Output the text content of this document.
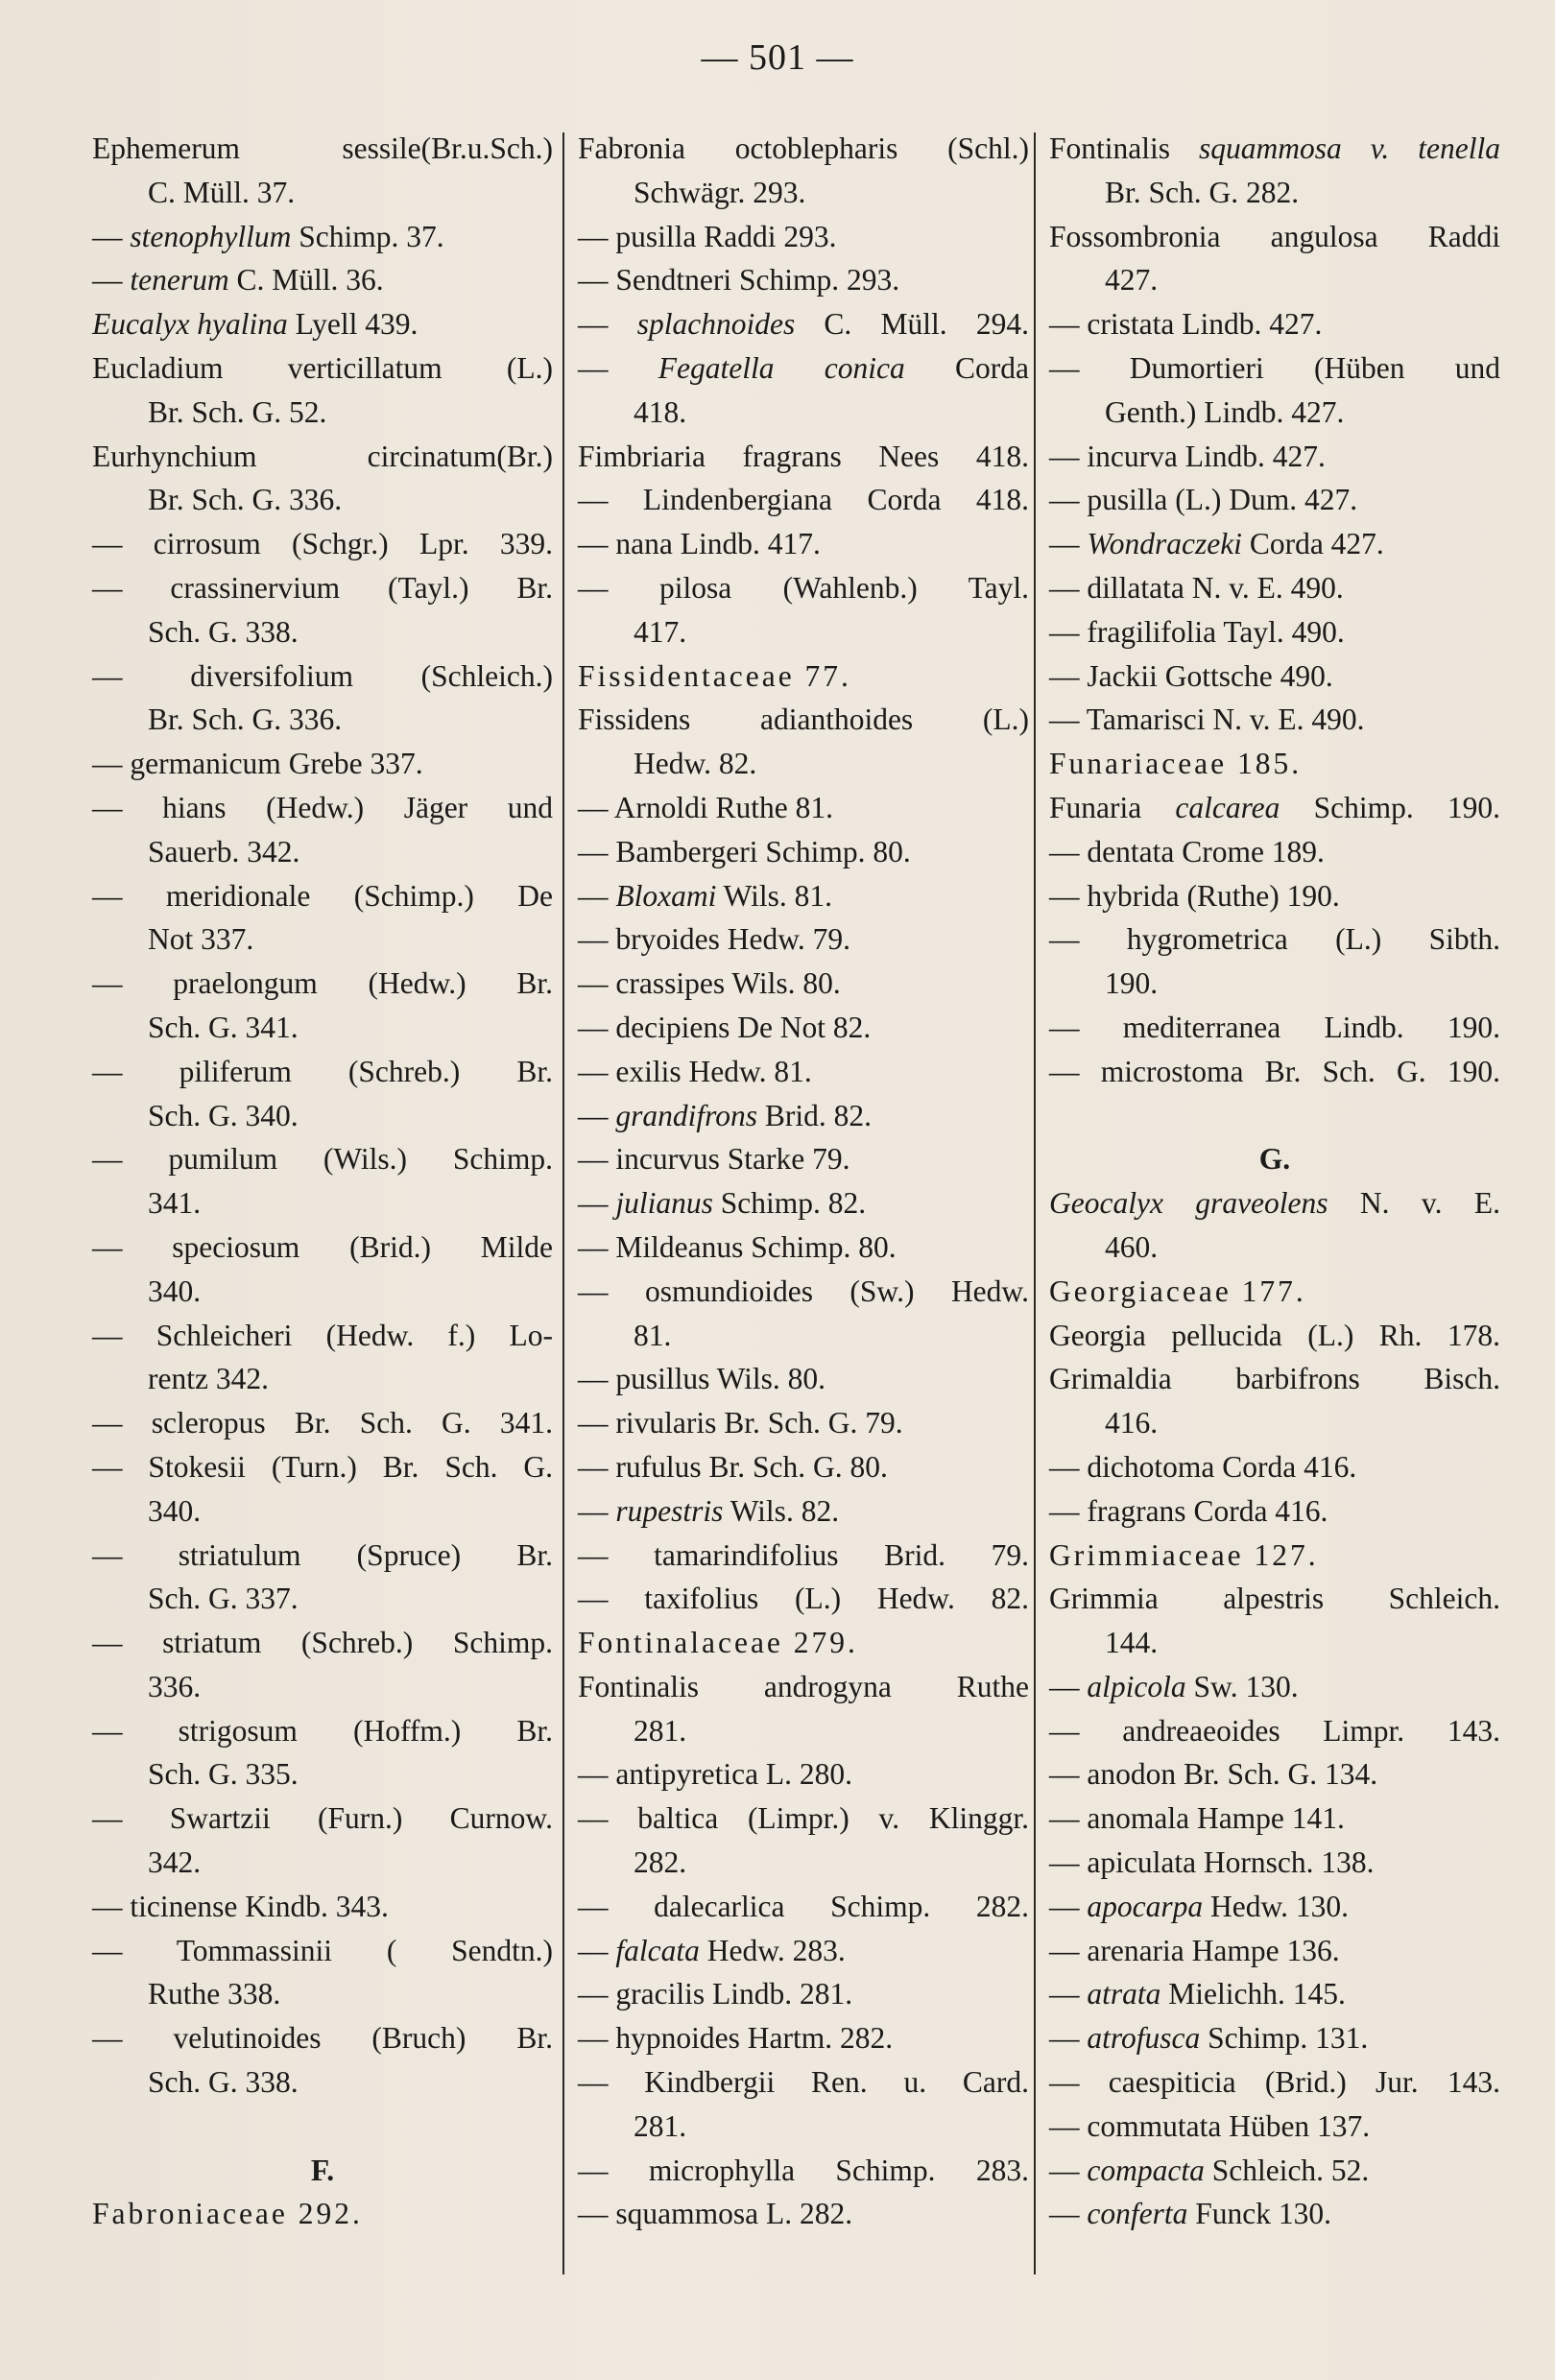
— 501 —
Ephemerum sessile(Br.u.Sch.)
C. Müll. 37.
— stenophyllum Schimp. 37.
— tenerum C. Müll. 36.
Eucalyx hyalina Lyell 439.
Eucladium verticillatum (L.)
Br. Sch. G. 52.
Eurhynchium circinatum(Br.)
Br. Sch. G. 336.
— cirrosum (Schgr.) Lpr. 339.
— crassinervium (Tayl.) Br.
Sch. G. 338.
— diversifolium (Schleich.)
Br. Sch. G. 336.
— germanicum Grebe 337.
— hians (Hedw.) Jäger und
Sauerb. 342.
— meridionale (Schimp.) De
Not 337.
— praelongum (Hedw.) Br.
Sch. G. 341.
— piliferum (Schreb.) Br.
Sch. G. 340.
— pumilum (Wils.) Schimp.
341.
— speciosum (Brid.) Milde
340.
— Schleicheri (Hedw. f.) Lo-
rentz 342.
— scleropus Br. Sch. G. 341.
— Stokesii (Turn.) Br. Sch. G.
340.
— striatulum (Spruce) Br.
Sch. G. 337.
— striatum (Schreb.) Schimp.
336.
— strigosum (Hoffm.) Br.
Sch. G. 335.
— Swartzii (Furn.) Curnow.
342.
— ticinense Kindb. 343.
— Tommassinii ( Sendtn.)
Ruthe 338.
— velutinoides (Bruch) Br.
Sch. G. 338.
F.
Fabroniaceae 292.
Fabronia octoblepharis (Schl.)
Schwägr. 293.
— pusilla Raddi 293.
— Sendtneri Schimp. 293.
— splachnoides C. Müll. 294.
— Fegatella conica Corda
418.
Fimbriaria fragrans Nees 418.
— Lindenbergiana Corda 418.
— nana Lindb. 417.
— pilosa (Wahlenb.) Tayl.
417.
Fissidentaceae 77.
Fissidens adianthoides (L.)
Hedw. 82.
— Arnoldi Ruthe 81.
— Bambergeri Schimp. 80.
— Bloxami Wils. 81.
— bryoides Hedw. 79.
— crassipes Wils. 80.
— decipiens De Not 82.
— exilis Hedw. 81.
— grandifrons Brid. 82.
— incurvus Starke 79.
— julianus Schimp. 82.
— Mildeanus Schimp. 80.
— osmundioides (Sw.) Hedw.
81.
— pusillus Wils. 80.
— rivularis Br. Sch. G. 79.
— rufulus Br. Sch. G. 80.
— rupestris Wils. 82.
— tamarindifolius Brid. 79.
— taxifolius (L.) Hedw. 82.
Fontinalaceae 279.
Fontinalis androgyna Ruthe
281.
— antipyretica L. 280.
— baltica (Limpr.) v. Klinggr.
282.
— dalecarlica Schimp. 282.
— falcata Hedw. 283.
— gracilis Lindb. 281.
— hypnoides Hartm. 282.
— Kindbergii Ren. u. Card.
281.
— microphylla Schimp. 283.
— squammosa L. 282.
Fontinalis squammosa v. tenella
Br. Sch. G. 282.
Fossombronia angulosa Raddi
427.
— cristata Lindb. 427.
— Dumortieri (Hüben und
Genth.) Lindb. 427.
— incurva Lindb. 427.
— pusilla (L.) Dum. 427.
— Wondraczeki Corda 427.
— dillatata N. v. E. 490.
— fragilifolia Tayl. 490.
— Jackii Gottsche 490.
— Tamarisci N. v. E. 490.
Funariaceae 185.
Funaria calcarea Schimp. 190.
— dentata Crome 189.
— hybrida (Ruthe) 190.
— hygrometrica (L.) Sibth.
190.
— mediterranea Lindb. 190.
— microstoma Br. Sch. G. 190.
G.
Geocalyx graveolens N. v. E.
460.
Georgiaceae 177.
Georgia pellucida (L.) Rh. 178.
Grimaldia barbifrons Bisch.
416.
— dichotoma Corda 416.
— fragrans Corda 416.
Grimmiaceae 127.
Grimmia alpestris Schleich.
144.
— alpicola Sw. 130.
— andreaeoides Limpr. 143.
— anodon Br. Sch. G. 134.
— anomala Hampe 141.
— apiculata Hornsch. 138.
— apocarpa Hedw. 130.
— arenaria Hampe 136.
— atrata Mielichh. 145.
— atrofusca Schimp. 131.
— caespiticia (Brid.) Jur. 143.
— commutata Hüben 137.
— compacta Schleich. 52.
— conferta Funck 130.
